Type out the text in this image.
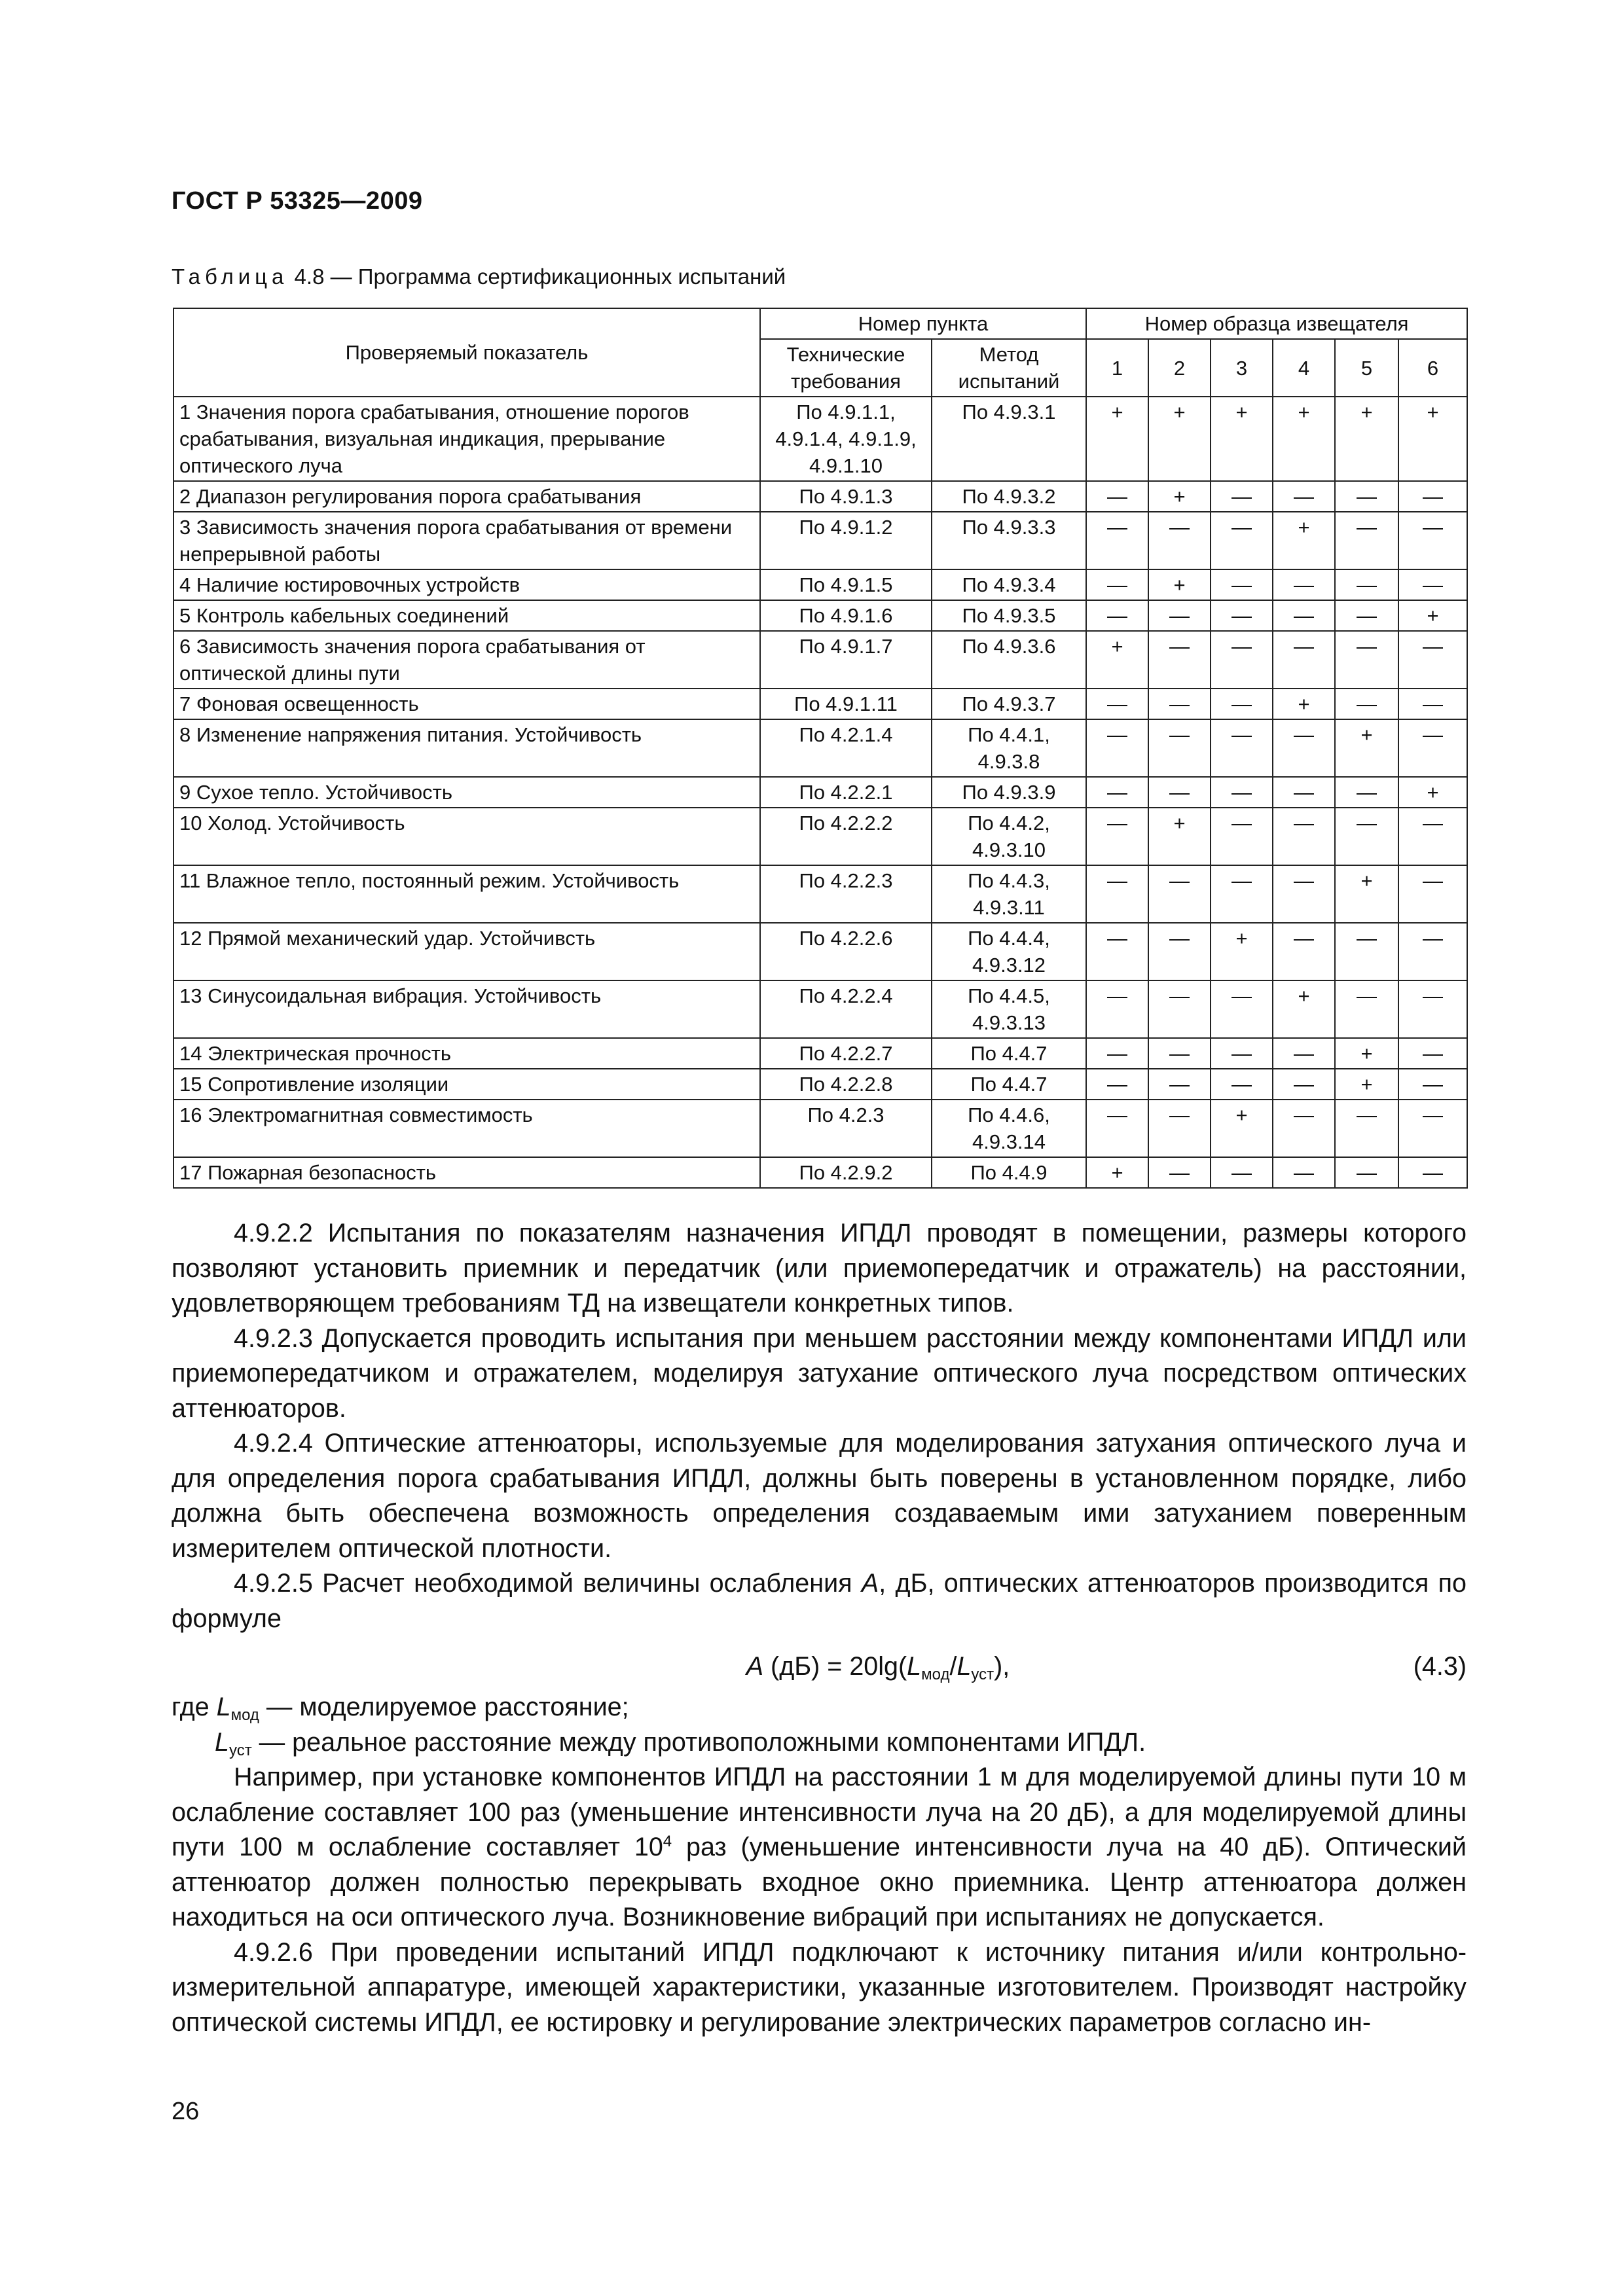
ГОСТ Р 53325—2009
Таблица 4.8 — Программа сертификационных испытаний
Проверяемый показатель	Номер пункта		Номер образца извещателя					
	Технические требования	Метод испытаний	1	2	3	4	5	6
1 Значения порога срабатывания, отношение порогов срабатывания, визуальная индикация, прерывание оптического луча	По 4.9.1.1, 4.9.1.4, 4.9.1.9, 4.9.1.10	По 4.9.3.1	+	+	+	+	+	+
2 Диапазон регулирования порога срабатывания	По 4.9.1.3	По 4.9.3.2	—	+	—	—	—	—
3 Зависимость значения порога срабатывания от времени непрерывной работы	По 4.9.1.2	По 4.9.3.3	—	—	—	+	—	—
4 Наличие юстировочных устройств	По 4.9.1.5	По 4.9.3.4	—	+	—	—	—	—
5 Контроль кабельных соединений	По 4.9.1.6	По 4.9.3.5	—	—	—	—	—	+
6 Зависимость значения порога срабатывания от оптической длины пути	По 4.9.1.7	По 4.9.3.6	+	—	—	—	—	—
7 Фоновая освещенность	По 4.9.1.11	По 4.9.3.7	—	—	—	+	—	—
8 Изменение напряжения питания. Устойчивость	По 4.2.1.4	По 4.4.1, 4.9.3.8	—	—	—	—	+	—
9 Сухое тепло. Устойчивость	По 4.2.2.1	По 4.9.3.9	—	—	—	—	—	+
10 Холод. Устойчивость	По 4.2.2.2	По 4.4.2, 4.9.3.10	—	+	—	—	—	—
11 Влажное тепло, постоянный режим. Устойчивость	По 4.2.2.3	По 4.4.3, 4.9.3.11	—	—	—	—	+	—
12 Прямой механический удар. Устойчивсть	По 4.2.2.6	По 4.4.4, 4.9.3.12	—	—	+	—	—	—
13 Синусоидальная вибрация. Устойчивость	По 4.2.2.4	По 4.4.5, 4.9.3.13	—	—	—	+	—	—
14 Электрическая прочность	По 4.2.2.7	По 4.4.7	—	—	—	—	+	—
15 Сопротивление изоляции	По 4.2.2.8	По 4.4.7	—	—	—	—	+	—
16 Электромагнитная совместимость	По 4.2.3	По 4.4.6, 4.9.3.14	—	—	+	—	—	—
17 Пожарная безопасность	По 4.2.9.2	По 4.4.9	+	—	—	—	—	—

4.9.2.2 Испытания по показателям назначения ИПДЛ проводят в помещении, размеры которого позволяют установить приемник и передатчик (или приемопередатчик и отражатель) на расстоянии, удовлетворяющем требованиям ТД на извещатели конкретных типов.

4.9.2.3 Допускается проводить испытания при меньшем расстоянии между компонентами ИПДЛ или приемопередатчиком и отражателем, моделируя затухание оптического луча посредством оптических аттенюаторов.

4.9.2.4 Оптические аттенюаторы, используемые для моделирования затухания оптического луча и для определения порога срабатывания ИПДЛ, должны быть поверены в установленном порядке, либо должна быть обеспечена возможность определения создаваемым ими затуханием поверенным измерителем оптической плотности.

4.9.2.5 Расчет необходимой величины ослабления A, дБ, оптических аттенюаторов производится по формуле

A $(дБ) = 20\lg(L_{мод}/L_{уст})$,	(4.3)

где $L_{мод}$ — моделируемое расстояние;

$L_{уст}$ — реальное расстояние между противоположными компонентами ИПДЛ.

Например, при установке компонентов ИПДЛ на расстоянии 1 м для моделируемой длины пути 10 м ослабление составляет 100 раз (уменьшение интенсивности луча на 20 дБ), а для моделируемой длины пути 100 м ослабление составляет $10^4$ раз (уменьшение интенсивности луча на 40 дБ). Оптический аттенюатор должен полностью перекрывать входное окно приемника. Центр аттенюатора должен находиться на оси оптического луча. Возникновение вибраций при испытаниях не допускается.

4.9.2.6 При проведении испытаний ИПДЛ подключают к источнику питания и/или контрольно-измерительной аппаратуре, имеющей характеристики, указанные изготовителем. Производят настройку оптической системы ИПДЛ, ее юстировку и регулирование электрических параметров согласно ин-

26
